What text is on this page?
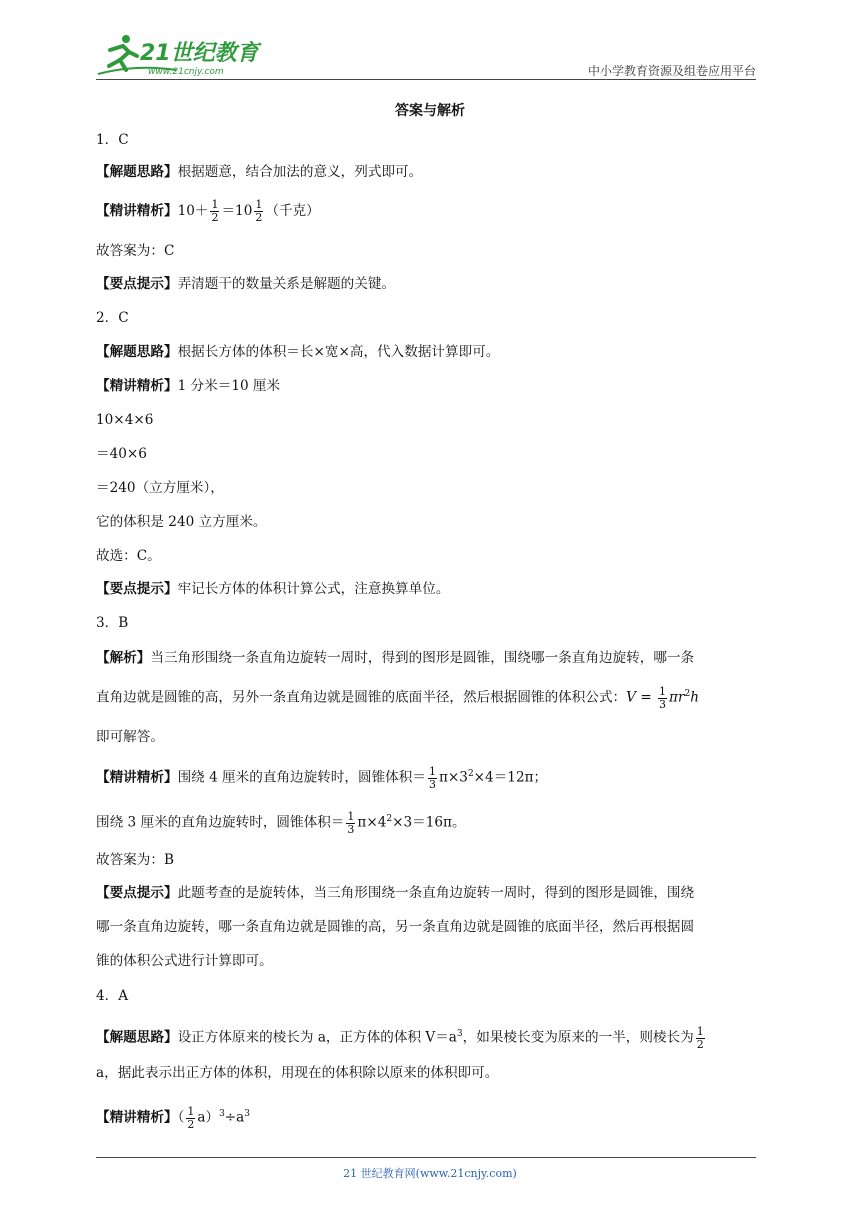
21世纪教育
www.21cnjy.com	中小学教育资源及组卷应用平台
答案与解析
1．C
【解题思路】根据题意，结合加法的意义，列式即可。
【精讲精析】$10+ \frac{1}{2} =10 \frac{1}{2}$ （千克）
故答案为：C
【要点提示】弄清题干的数量关系是解题的关键。
2．C
【解题思路】根据长方体的体积＝长×宽×高，代入数据计算即可。
【精讲精析】1 分米＝10 厘米
10×4×6
＝40×6
＝240（立方厘米），
它的体积是 240 立方厘米。
故选：C。
【要点提示】牢记长方体的体积计算公式，注意换算单位。
3．B
【解析】当三角形围绕一条直角边旋转一周时，得到的图形是圆锥，围绕哪一条直角边旋转，哪一条
直角边就是圆锥的高，另外一条直角边就是圆锥的底面半径，然后根据圆锥的体积公式：$V = \frac{1}{3} \pi r^2h$
即可解答。
【精讲精析】围绕 4 厘米的直角边旋转时，圆锥体积＝ $\frac{1}{3} \pi\times 3^2\times 4=12\pi$；
围绕 3 厘米的直角边旋转时，圆锥体积＝ $\frac{1}{3} \pi\times 4^2\times 3=16\pi$。
故答案为：B
【要点提示】此题考查的是旋转体，当三角形围绕一条直角边旋转一周时，得到的图形是圆锥，围绕
哪一条直角边旋转，哪一条直角边就是圆锥的高，另一条直角边就是圆锥的底面半径，然后再根据圆
锥的体积公式进行计算即可。
4．A
【解题思路】设正方体原来的棱长为 a，正方体的体积 $V=a^3$，如果棱长变为原来的一半，则棱长为 $\frac{1}{2}$
a，据此表示出正方体的体积，用现在的体积除以原来的体积即可。
【精讲精析】（ $\frac{1}{2} a)^3\div a^3$
21 世纪教育网(www.21cnjy.com)
